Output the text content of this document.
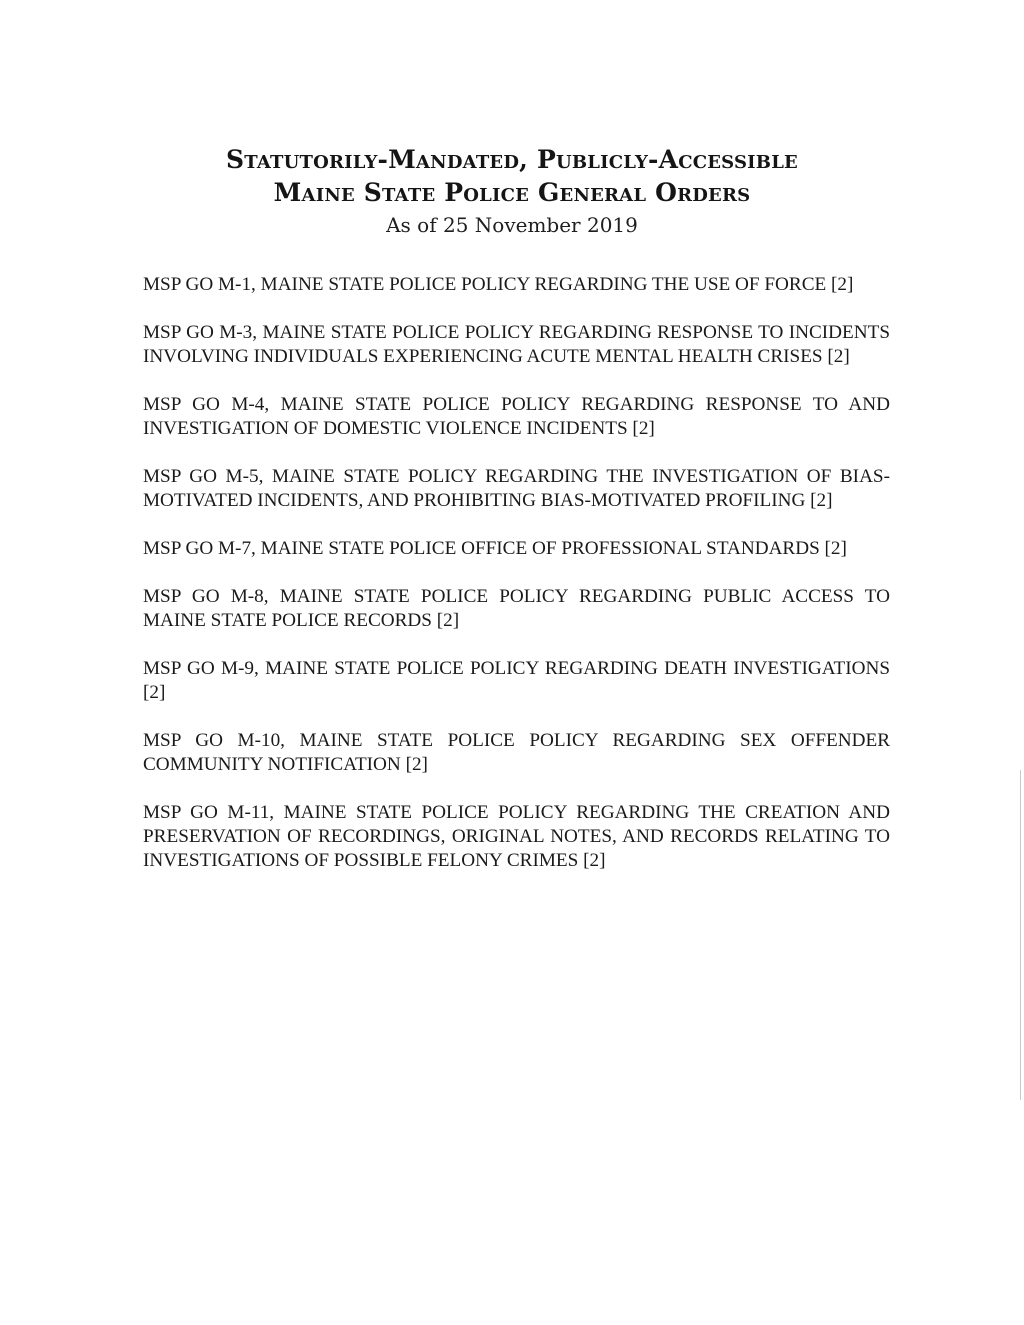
Statutorily-Mandated, Publicly-Accessible
Maine State Police General Orders
As of 25 November 2019

MSP GO M-1, MAINE STATE POLICE POLICY REGARDING THE USE OF FORCE [2]

MSP GO M-3, MAINE STATE POLICE POLICY REGARDING RESPONSE TO INCIDENTS INVOLVING INDIVIDUALS EXPERIENCING ACUTE MENTAL HEALTH CRISES [2]

MSP GO M-4, MAINE STATE POLICE POLICY REGARDING RESPONSE TO AND INVESTIGATION OF DOMESTIC VIOLENCE INCIDENTS [2]

MSP GO M-5, MAINE STATE POLICY REGARDING THE INVESTIGATION OF BIAS-MOTIVATED INCIDENTS, AND PROHIBITING BIAS-MOTIVATED PROFILING [2]

MSP GO M-7, MAINE STATE POLICE OFFICE OF PROFESSIONAL STANDARDS [2]

MSP GO M-8, MAINE STATE POLICE POLICY REGARDING PUBLIC ACCESS TO MAINE STATE POLICE RECORDS [2]

MSP GO M-9, MAINE STATE POLICE POLICY REGARDING DEATH INVESTIGATIONS [2]

MSP GO M-10, MAINE STATE POLICE POLICY REGARDING SEX OFFENDER COMMUNITY NOTIFICATION [2]

MSP GO M-11, MAINE STATE POLICE POLICY REGARDING THE CREATION AND PRESERVATION OF RECORDINGS, ORIGINAL NOTES, AND RECORDS RELATING TO INVESTIGATIONS OF POSSIBLE FELONY CRIMES [2]
